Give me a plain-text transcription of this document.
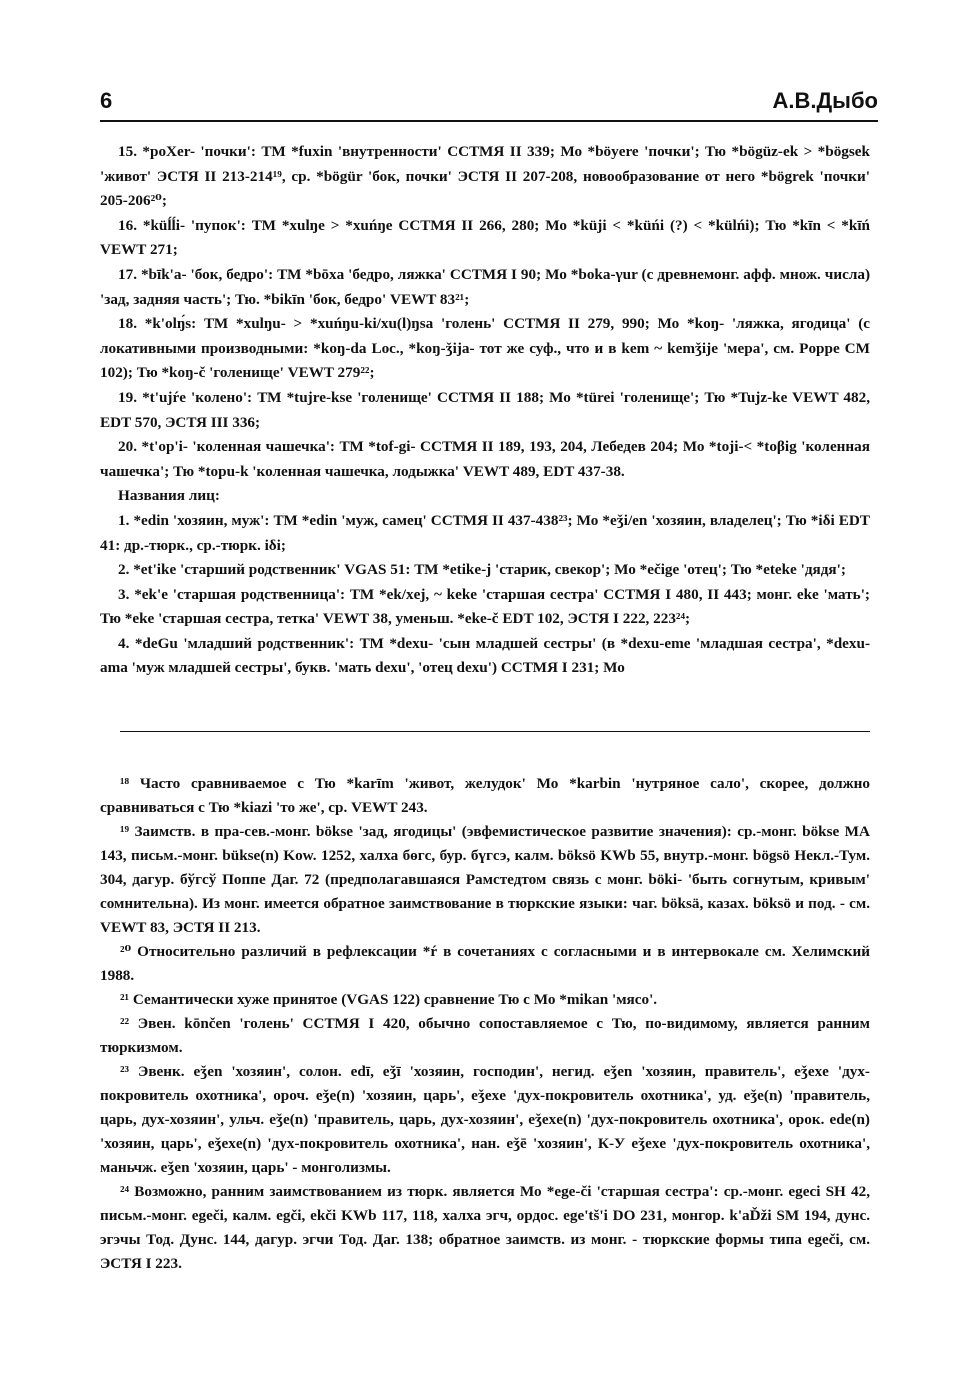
6	А.В.Дыбо

15. *poXer- 'почки': ТМ *fuxin 'внутренности' ССТМЯ II 339; Мо *böyere 'почки'; Тю *bögüz-ek > *bögsek 'живот' ЭСТЯ II 213-214¹⁹, ср. *bögür 'бок, почки' ЭСТЯ II 207-208, новообразование от него *bögrek 'почки' 205-206²⁰;

16. *küĺĺi- 'пупок': ТМ *xulŋe > *xuńŋe ССТМЯ II 266, 280; Мо *küji < *küńi (?) < *külńi); Тю *kīn < *kīń VEWT 271;

17. *bīk'a- 'бок, бедро': ТМ *bōxa 'бедро, ляжка' ССТМЯ I 90; Мо *boka-γur (с древнемонг. афф. множ. числа) 'зад, задняя часть'; Тю. *bikīn 'бок, бедро' VEWT 83²¹;

18. *k'olŋ́s: ТМ *xulŋu- > *xuńŋu-ki/xu(l)ŋsa 'голень' ССТМЯ II 279, 990; Мо *koŋ- 'ляжка, ягодица' (с локативными производными: *koŋ-da Loc., *koŋ-ǯija- тот же суф., что и в kem ~ kemǯije 'мера', см. Poppe CM 102); Тю *koŋ-č 'голенище' VEWT 279²²;

19. *t'ujŕe 'колено': ТМ *tujre-kse 'голенище' ССТМЯ II 188; Мо *türei 'голенище'; Тю *Tujz-ke VEWT 482, EDT 570, ЭСТЯ III 336;

20. *t'op'i- 'коленная чашечка': ТМ *tof-gi- ССТМЯ II 189, 193, 204, Лебедев 204; Мо *toji-< *toβig 'коленная чашечка'; Тю *topu-k 'коленная чашечка, лодыжка' VEWT 489, EDT 437-38.

Названия лиц:

1. *edin 'хозяин, муж': ТМ *edin 'муж, самец' ССТМЯ II 437-438²³; Мо *eǯi/en 'хозяин, владелец'; Тю *iδi EDT 41: др.-тюрк., ср.-тюрк. iδi;

2. *et'ike 'старший родственник' VGAS 51: ТМ *etike-j 'старик, свекор'; Мо *ečige 'отец'; Тю *eteke 'дядя';

3. *ek'e 'старшая родственница': ТМ *ek/xej, ~ keke 'старшая сестра' ССТМЯ I 480, II 443; монг. eke 'мать'; Тю *eke 'старшая сестра, тетка' VEWT 38, уменьш. *eke-č EDT 102, ЭСТЯ I 222, 223²⁴;

4. *deGu 'младший родственник': ТМ *dexu- 'сын младшей сестры' (в *dexu-eme 'младшая сестра', *dexu-ama 'муж младшей сестры', букв. 'мать dexu', 'отец dexu') ССТМЯ I 231; Мо

¹⁸ Часто сравниваемое с Тю *karīm 'живот, желудок' Мо *karbin 'нутряное сало', скорее, должно сравниваться с Тю *kiazi 'то же', ср. VEWT 243.

¹⁹ Заимств. в пра-сев.-монг. bökse 'зад, ягодицы' (эвфемистическое развитие значения): ср.-монг. bökse MA 143, письм.-монг. bükse(n) Kow. 1252, халха бөгс, бур. бүгсэ, калм. böksö KWb 55, внутр.-монг. bögsö Некл.-Тум. 304, дагур. бўгсў Поппе Даг. 72 (предполагавшаяся Рамстедтом связь с монг. böki- 'быть согнутым, кривым' сомнительна). Из монг. имеется обратное заимствование в тюркские языки: чаг. böksä, казах. böksö и под. - см. VEWT 83, ЭСТЯ II 213.

²⁰ Относительно различий в рефлексации *ŕ в сочетаниях с согласными и в интервокале см. Хелимский 1988.

²¹ Семантически хуже принятое (VGAS 122) сравнение Тю с Мо *mikan 'мясо'.

²² Эвен. kōnčen 'голень' ССТМЯ I 420, обычно сопоставляемое с Тю, по-видимому, является ранним тюркизмом.

²³ Эвенк. eǯen 'хозяин', солон. edī, eǯī 'хозяин, господин', негид. eǯen 'хозяин, правитель', eǯexe 'дух-покровитель охотника', ороч. eǯe(n) 'хозяин, царь', eǯexe 'дух-покровитель охотника', уд. eǯe(n) 'правитель, царь, дух-хозяин', ульч. eǯe(n) 'правитель, царь, дух-хозяин', eǯexe(n) 'дух-покровитель охотника', орок. ede(n) 'хозяин, царь', eǯexe(n) 'дух-покровитель охотника', нан. eǯē 'хозяин', К-У eǯexe 'дух-покровитель охотника', маньчж. eǯen 'хозяин, царь' - монголизмы.

²⁴ Возможно, ранним заимствованием из тюрк. является Мо *ege-či 'старшая сестра': ср.-монг. egeci SH 42, письм.-монг. egeči, калм. egči, ekči KWb 117, 118, халха эгч, ордос. ege'tš'i DO 231, монгор. k'aĎži SM 194, дунс. эгэчы Тод. Дунс. 144, дагур. эгчи Тод. Даг. 138; обратное заимств. из монг. - тюркские формы типа egeči, см. ЭСТЯ I 223.
